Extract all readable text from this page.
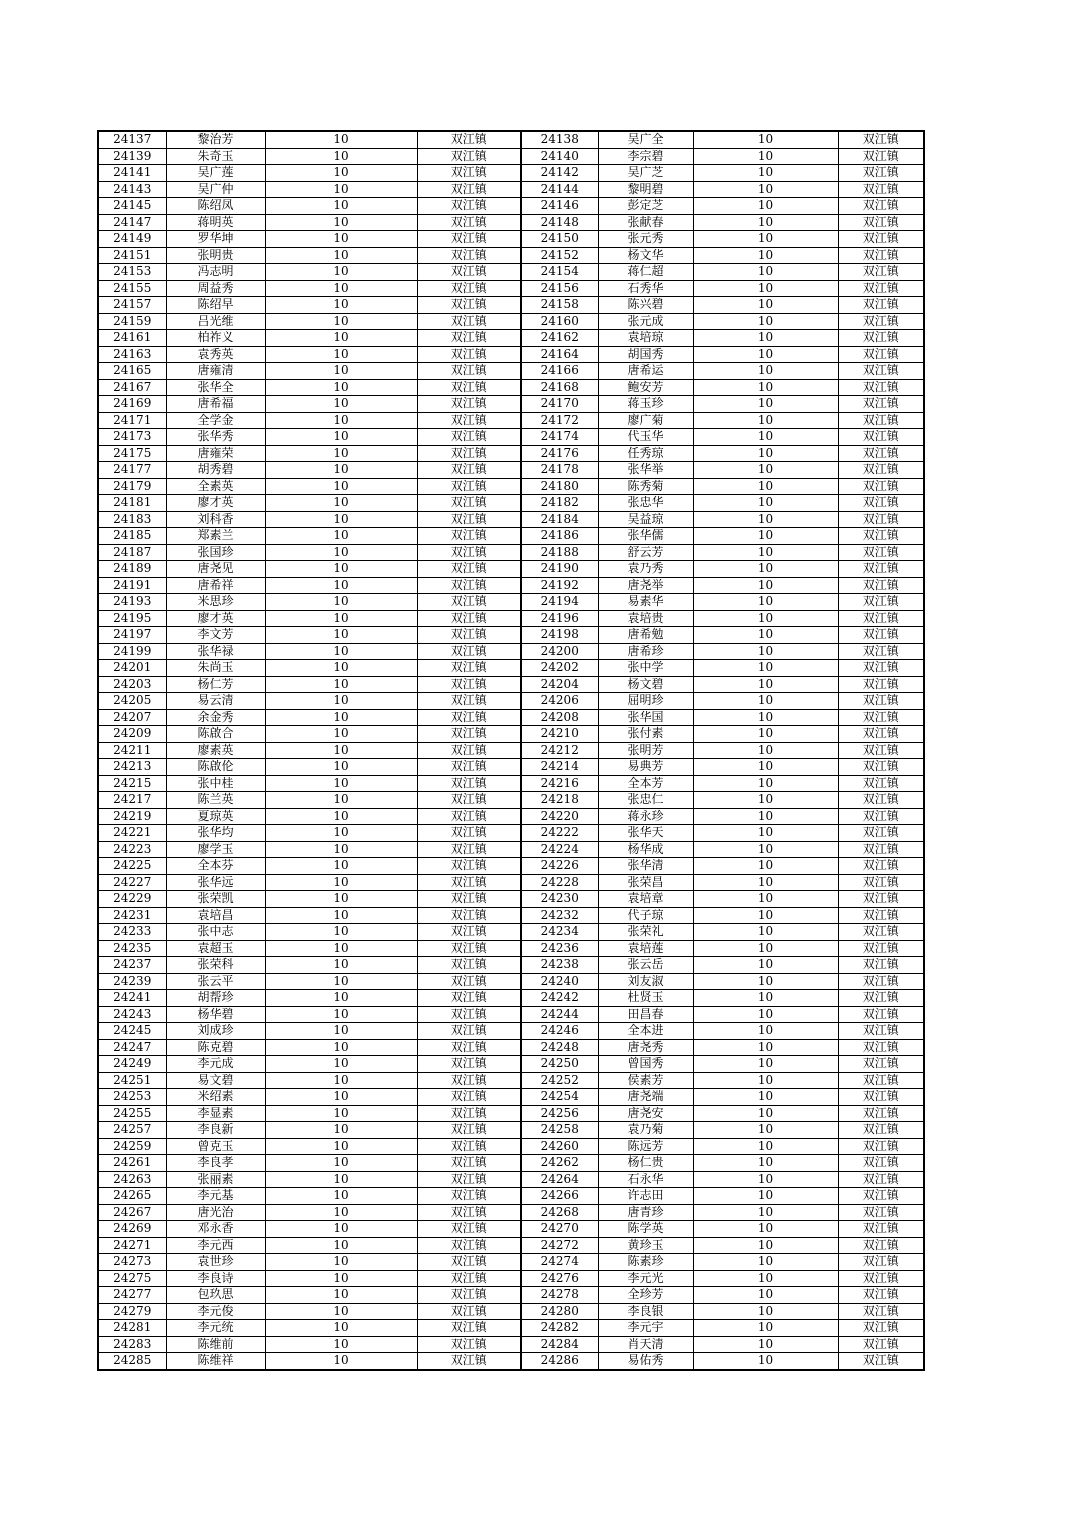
24137	黎治芳	10	双江镇	24138	吴广全	10	双江镇
24139	朱奇玉	10	双江镇	24140	李宗碧	10	双江镇
24141	吴广莲	10	双江镇	24142	吴广芝	10	双江镇
24143	吴广仲	10	双江镇	24144	黎明碧	10	双江镇
24145	陈绍凤	10	双江镇	24146	彭定芝	10	双江镇
24147	蒋明英	10	双江镇	24148	张献春	10	双江镇
24149	罗华坤	10	双江镇	24150	张元秀	10	双江镇
24151	张明贵	10	双江镇	24152	杨文华	10	双江镇
24153	冯志明	10	双江镇	24154	蒋仁超	10	双江镇
24155	周益秀	10	双江镇	24156	石秀华	10	双江镇
24157	陈绍早	10	双江镇	24158	陈兴碧	10	双江镇
24159	吕光维	10	双江镇	24160	张元成	10	双江镇
24161	柏祚义	10	双江镇	24162	袁培琼	10	双江镇
24163	袁秀英	10	双江镇	24164	胡国秀	10	双江镇
24165	唐雍清	10	双江镇	24166	唐希运	10	双江镇
24167	张华全	10	双江镇	24168	鲍安芳	10	双江镇
24169	唐希福	10	双江镇	24170	蒋玉珍	10	双江镇
24171	全学金	10	双江镇	24172	廖广菊	10	双江镇
24173	张华秀	10	双江镇	24174	代玉华	10	双江镇
24175	唐雍荣	10	双江镇	24176	任秀琼	10	双江镇
24177	胡秀碧	10	双江镇	24178	张华举	10	双江镇
24179	全素英	10	双江镇	24180	陈秀菊	10	双江镇
24181	廖才英	10	双江镇	24182	张忠华	10	双江镇
24183	刘科香	10	双江镇	24184	吴益琼	10	双江镇
24185	郑素兰	10	双江镇	24186	张华儒	10	双江镇
24187	张国珍	10	双江镇	24188	舒云芳	10	双江镇
24189	唐尧见	10	双江镇	24190	袁乃秀	10	双江镇
24191	唐希祥	10	双江镇	24192	唐尧举	10	双江镇
24193	米思珍	10	双江镇	24194	易素华	10	双江镇
24195	廖才英	10	双江镇	24196	袁培贵	10	双江镇
24197	李文芳	10	双江镇	24198	唐希勉	10	双江镇
24199	张华禄	10	双江镇	24200	唐希珍	10	双江镇
24201	朱尚玉	10	双江镇	24202	张中学	10	双江镇
24203	杨仁芳	10	双江镇	24204	杨文碧	10	双江镇
24205	易云清	10	双江镇	24206	屈明珍	10	双江镇
24207	余金秀	10	双江镇	24208	张华国	10	双江镇
24209	陈啟合	10	双江镇	24210	张付素	10	双江镇
24211	廖素英	10	双江镇	24212	张明芳	10	双江镇
24213	陈啟伦	10	双江镇	24214	易典芳	10	双江镇
24215	张中桂	10	双江镇	24216	全本芳	10	双江镇
24217	陈兰英	10	双江镇	24218	张忠仁	10	双江镇
24219	夏琼英	10	双江镇	24220	蒋永珍	10	双江镇
24221	张华均	10	双江镇	24222	张华天	10	双江镇
24223	廖学玉	10	双江镇	24224	杨华成	10	双江镇
24225	全本芬	10	双江镇	24226	张华清	10	双江镇
24227	张华远	10	双江镇	24228	张荣昌	10	双江镇
24229	张荣凯	10	双江镇	24230	袁培章	10	双江镇
24231	袁培昌	10	双江镇	24232	代子琼	10	双江镇
24233	张中志	10	双江镇	24234	张荣礼	10	双江镇
24235	袁超玉	10	双江镇	24236	袁培莲	10	双江镇
24237	张荣科	10	双江镇	24238	张云岳	10	双江镇
24239	张云平	10	双江镇	24240	刘友淑	10	双江镇
24241	胡帮珍	10	双江镇	24242	杜贤玉	10	双江镇
24243	杨华碧	10	双江镇	24244	田昌春	10	双江镇
24245	刘成珍	10	双江镇	24246	全本进	10	双江镇
24247	陈克碧	10	双江镇	24248	唐尧秀	10	双江镇
24249	李元成	10	双江镇	24250	曾国秀	10	双江镇
24251	易文碧	10	双江镇	24252	侯素芳	10	双江镇
24253	米绍素	10	双江镇	24254	唐尧端	10	双江镇
24255	李显素	10	双江镇	24256	唐尧安	10	双江镇
24257	李良新	10	双江镇	24258	袁乃菊	10	双江镇
24259	曾克玉	10	双江镇	24260	陈远芳	10	双江镇
24261	李良孝	10	双江镇	24262	杨仁贵	10	双江镇
24263	张丽素	10	双江镇	24264	石永华	10	双江镇
24265	李元基	10	双江镇	24266	许志田	10	双江镇
24267	唐光治	10	双江镇	24268	唐青珍	10	双江镇
24269	邓永香	10	双江镇	24270	陈学英	10	双江镇
24271	李元西	10	双江镇	24272	黄珍玉	10	双江镇
24273	袁世珍	10	双江镇	24274	陈素珍	10	双江镇
24275	李良诗	10	双江镇	24276	李元光	10	双江镇
24277	包玖思	10	双江镇	24278	全珍芳	10	双江镇
24279	李元俊	10	双江镇	24280	李良银	10	双江镇
24281	李元统	10	双江镇	24282	李元宇	10	双江镇
24283	陈维前	10	双江镇	24284	肖天清	10	双江镇
24285	陈维祥	10	双江镇	24286	易佑秀	10	双江镇
